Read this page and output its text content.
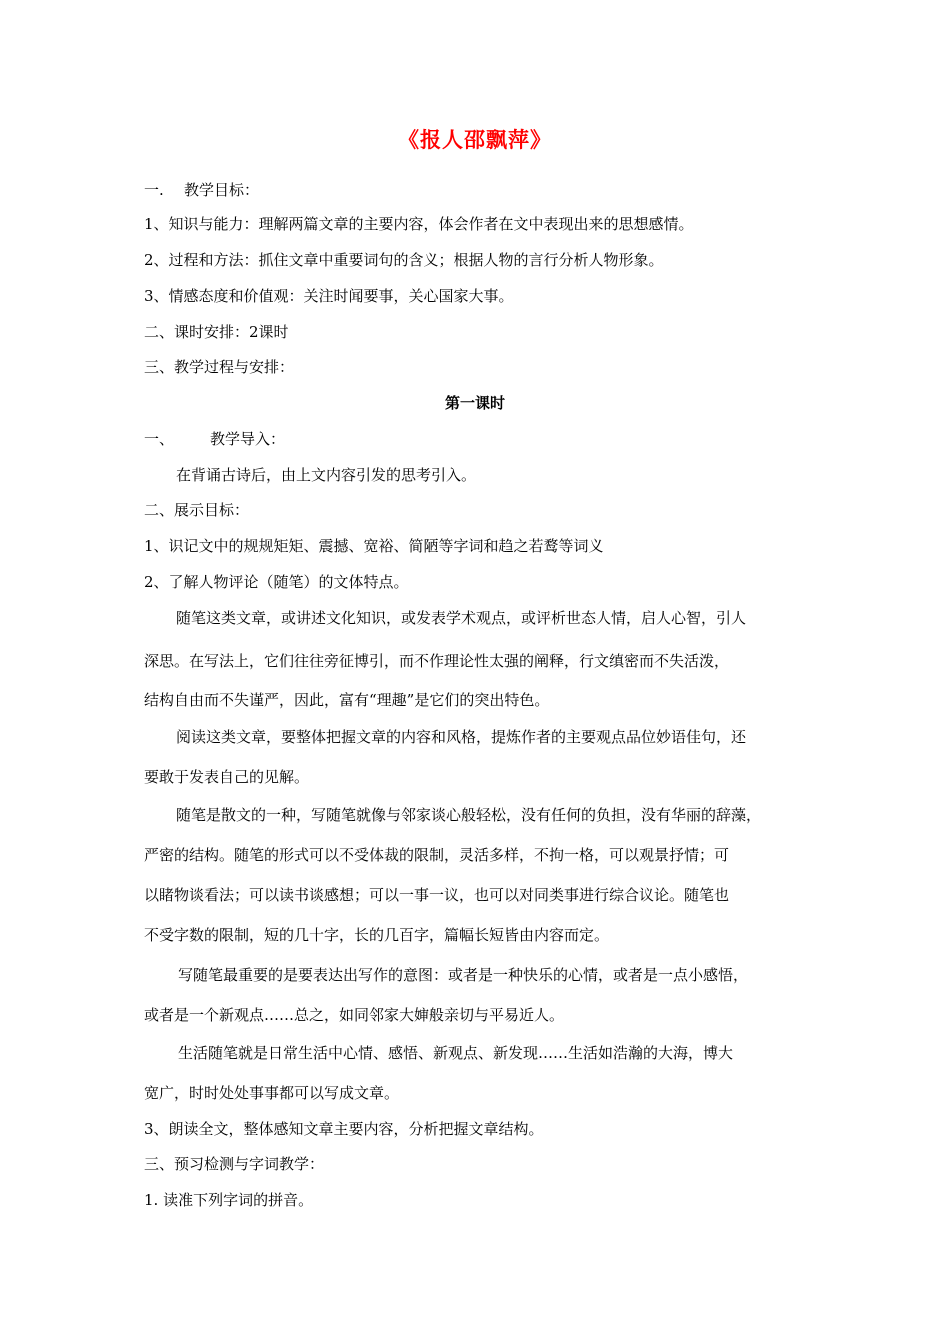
《报人邵飘萍》
一. 教学目标：
1、知识与能力：理解两篇文章的主要内容，体会作者在文中表现出来的思想感情。
2、过程和方法：抓住文章中重要词句的含义；根据人物的言行分析人物形象。
3、情感态度和价值观：关注时闻要事，关心国家大事。
二、课时安排：2课时
三、教学过程与安排：
第一课时
一、 教学导入：
在背诵古诗后，由上文内容引发的思考引入。
二、展示目标：
1、识记文中的规规矩矩、震撼、宽裕、简陋等字词和趋之若鹜等词义
2、了解人物评论（随笔）的文体特点。
随笔这类文章，或讲述文化知识，或发表学术观点，或评析世态人情，启人心智，引人
深思。在写法上，它们往往旁征博引，而不作理论性太强的阐释，行文缜密而不失活泼，
结构自由而不失谨严，因此，富有“理趣”是它们的突出特色。
阅读这类文章，要整体把握文章的内容和风格，提炼作者的主要观点品位妙语佳句，还
要敢于发表自己的见解。
随笔是散文的一种，写随笔就像与邻家谈心般轻松，没有任何的负担，没有华丽的辞藻，
严密的结构。随笔的形式可以不受体裁的限制，灵活多样，不拘一格，可以观景抒情；可
以睹物谈看法；可以读书谈感想；可以一事一议，也可以对同类事进行综合议论。随笔也
不受字数的限制，短的几十字，长的几百字，篇幅长短皆由内容而定。
写随笔最重要的是要表达出写作的意图：或者是一种快乐的心情，或者是一点小感悟，
或者是一个新观点……总之，如同邻家大婶般亲切与平易近人。
生活随笔就是日常生活中心情、感悟、新观点、新发现……生活如浩瀚的大海，博大
宽广，时时处处事事都可以写成文章。
3、朗读全文，整体感知文章主要内容，分析把握文章结构。
三、预习检测与字词教学：
1. 读准下列字词的拼音。
